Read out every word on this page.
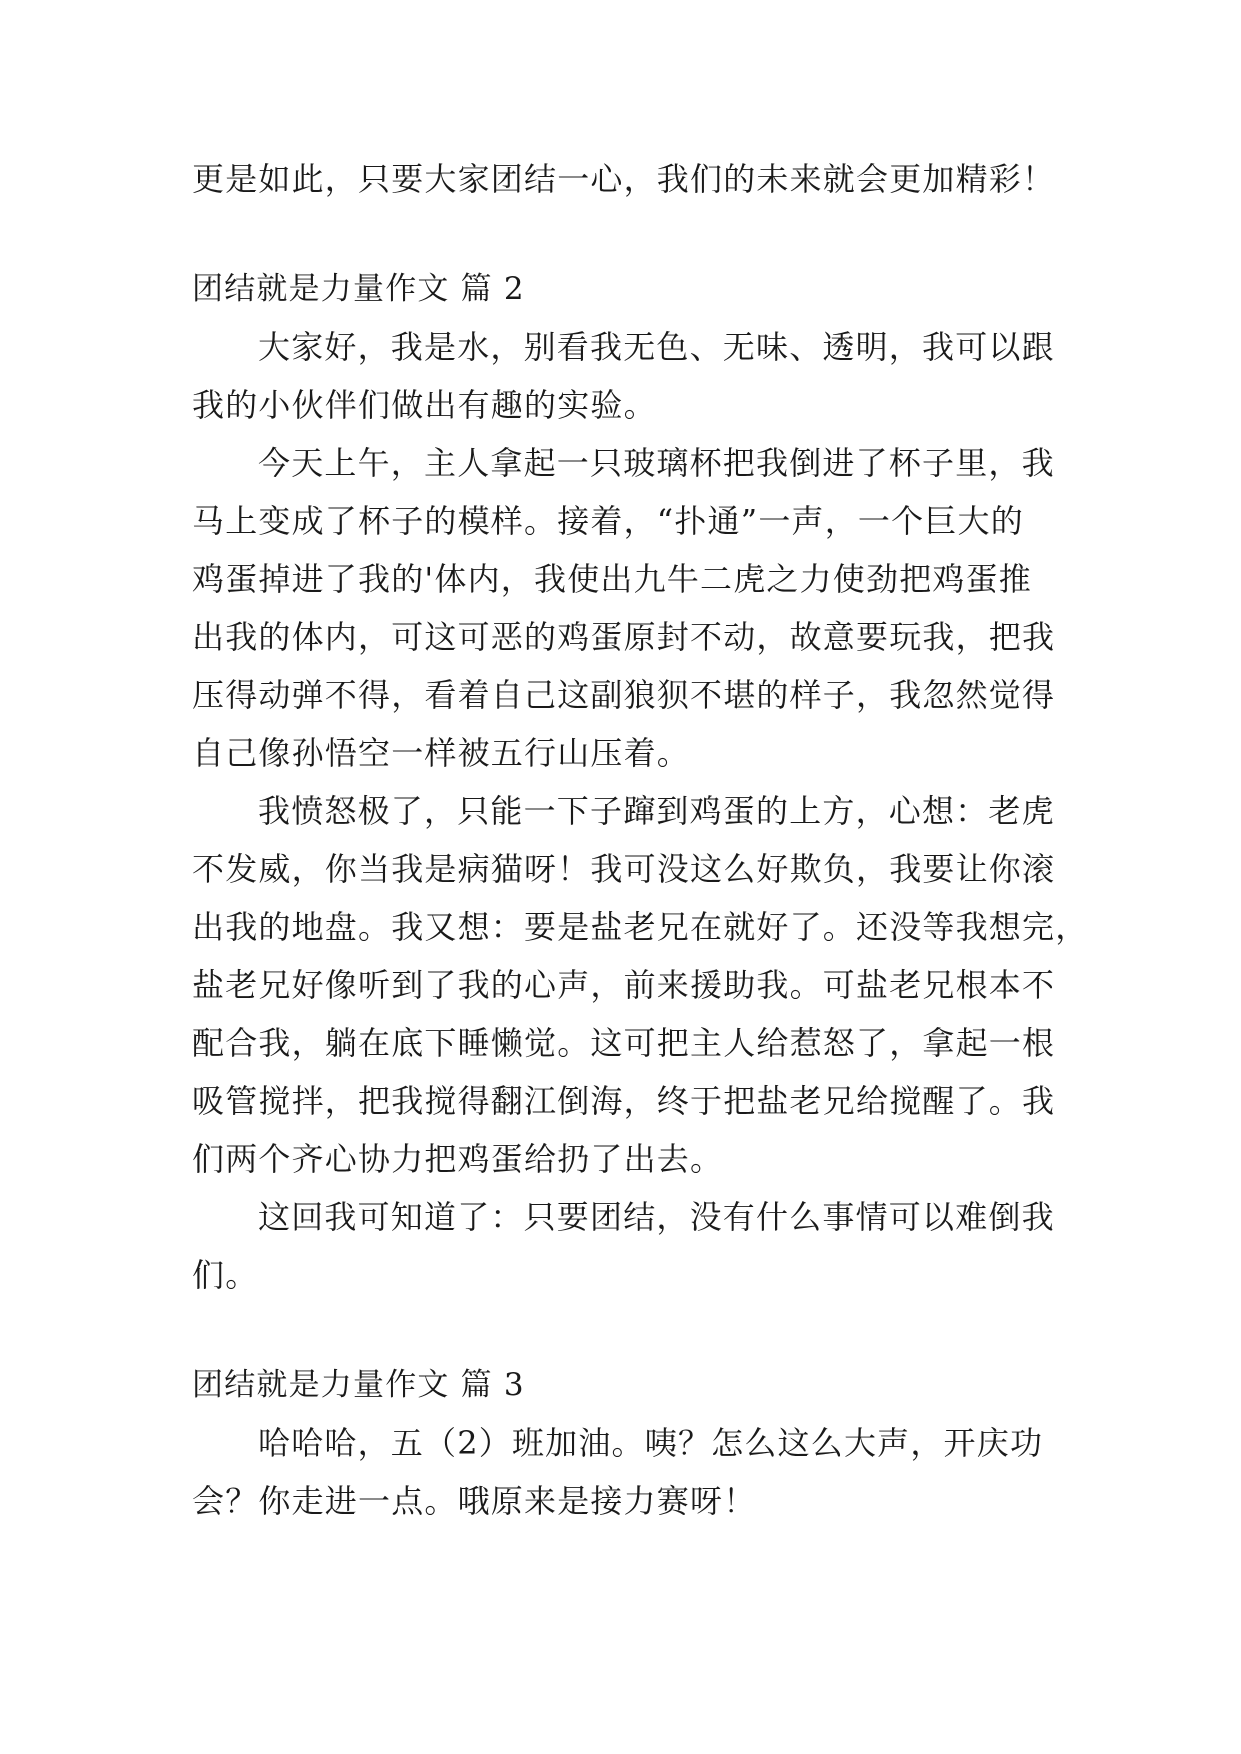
更是如此，只要大家团结一心，我们的未来就会更加精彩！
团结就是力量作文 篇 2
大家好，我是水，别看我无色、无味、透明，我可以跟
我的小伙伴们做出有趣的实验。
今天上午，主人拿起一只玻璃杯把我倒进了杯子里，我
马上变成了杯子的模样。接着，“扑通”一声，一个巨大的
鸡蛋掉进了我的'体内，我使出九牛二虎之力使劲把鸡蛋推
出我的体内，可这可恶的鸡蛋原封不动，故意要玩我，把我
压得动弹不得，看着自己这副狼狈不堪的样子，我忽然觉得
自己像孙悟空一样被五行山压着。
我愤怒极了，只能一下子蹿到鸡蛋的上方，心想：老虎
不发威，你当我是病猫呀！我可没这么好欺负，我要让你滚
出我的地盘。我又想：要是盐老兄在就好了。还没等我想完，
盐老兄好像听到了我的心声，前来援助我。可盐老兄根本不
配合我，躺在底下睡懒觉。这可把主人给惹怒了，拿起一根
吸管搅拌，把我搅得翻江倒海，终于把盐老兄给搅醒了。我
们两个齐心协力把鸡蛋给扔了出去。
这回我可知道了：只要团结，没有什么事情可以难倒我
们。
团结就是力量作文 篇 3
哈哈哈，五（2）班加油。咦？怎么这么大声，开庆功
会？你走进一点。哦原来是接力赛呀！
